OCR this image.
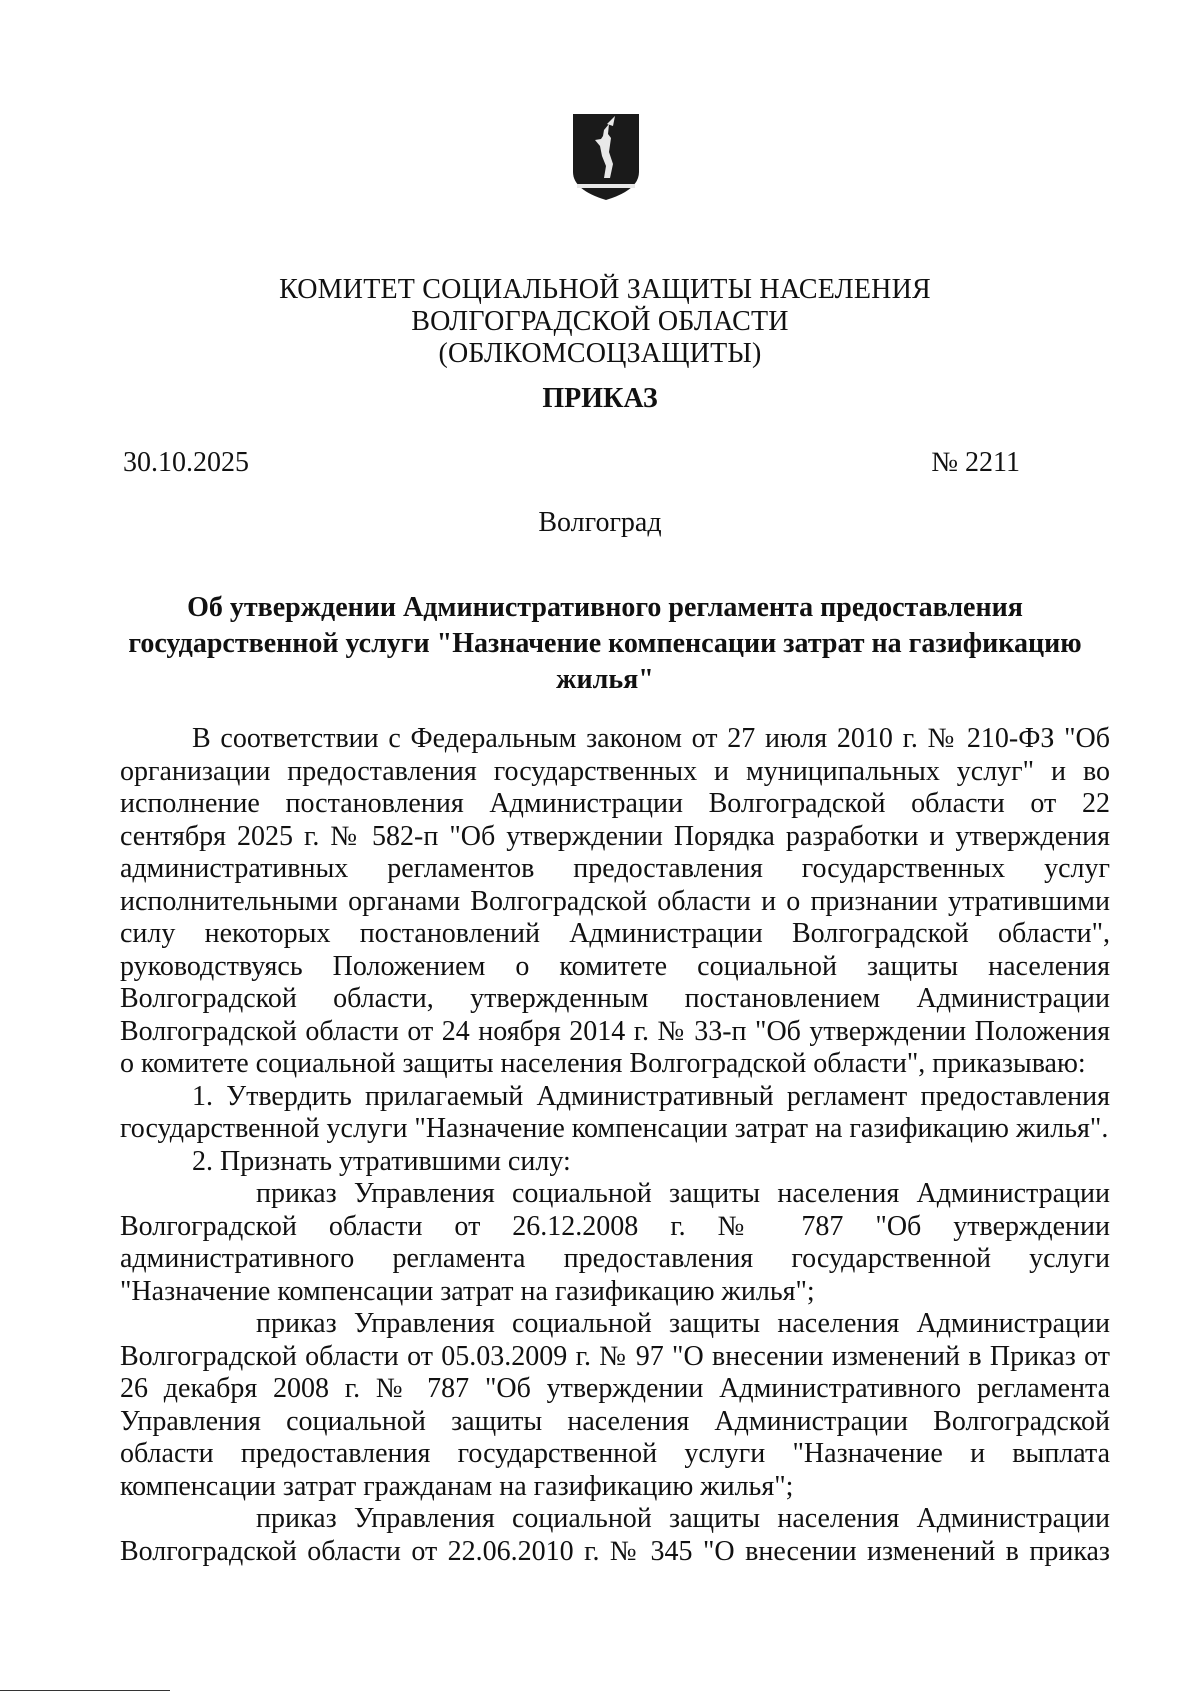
КОМИТЕТ СОЦИАЛЬНОЙ ЗАЩИТЫ НАСЕЛЕНИЯ
ВОЛГОГРАДСКОЙ ОБЛАСТИ
(ОБЛКОМСОЦЗАЩИТЫ)
ПРИКАЗ
30.10.2025	№ 2211
Волгоград
Об утверждении Административного регламента предоставления государственной услуги "Назначение компенсации затрат на газификацию жилья"

В соответствии с Федеральным законом от 27 июля 2010 г. № 210-ФЗ "Об организации предоставления государственных и муниципальных услуг" и во исполнение постановления Администрации Волгоградской области от 22 сентября 2025 г. № 582-п "Об утверждении Порядка разработки и утверждения административных регламентов предоставления государственных услуг исполнительными органами Волгоградской области и о признании утратившими силу некоторых постановлений Администрации Волгоградской области", руководствуясь Положением о комитете социальной защиты населения Волгоградской области, утвержденным постановлением Администрации Волгоградской области от 24 ноября 2014 г. № 33-п "Об утверждении Положения о комитете социальной защиты населения Волгоградской области", приказываю:

1. Утвердить прилагаемый Административный регламент предоставления государственной услуги "Назначение компенсации затрат на газификацию жилья".

2. Признать утратившими силу:

приказ Управления социальной защиты населения Администрации Волгоградской области от 26.12.2008 г. № 787 "Об утверждении административного регламента предоставления государственной услуги "Назначение компенсации затрат на газификацию жилья";

приказ Управления социальной защиты населения Администрации Волгоградской области от 05.03.2009 г. № 97 "О внесении изменений в Приказ от 26 декабря 2008 г. № 787 "Об утверждении Административного регламента Управления социальной защиты населения Администрации Волгоградской области предоставления государственной услуги "Назначение и выплата компенсации затрат гражданам на газификацию жилья";

приказ Управления социальной защиты населения Администрации Волгоградской области от 22.06.2010 г. № 345 "О внесении изменений в приказ
